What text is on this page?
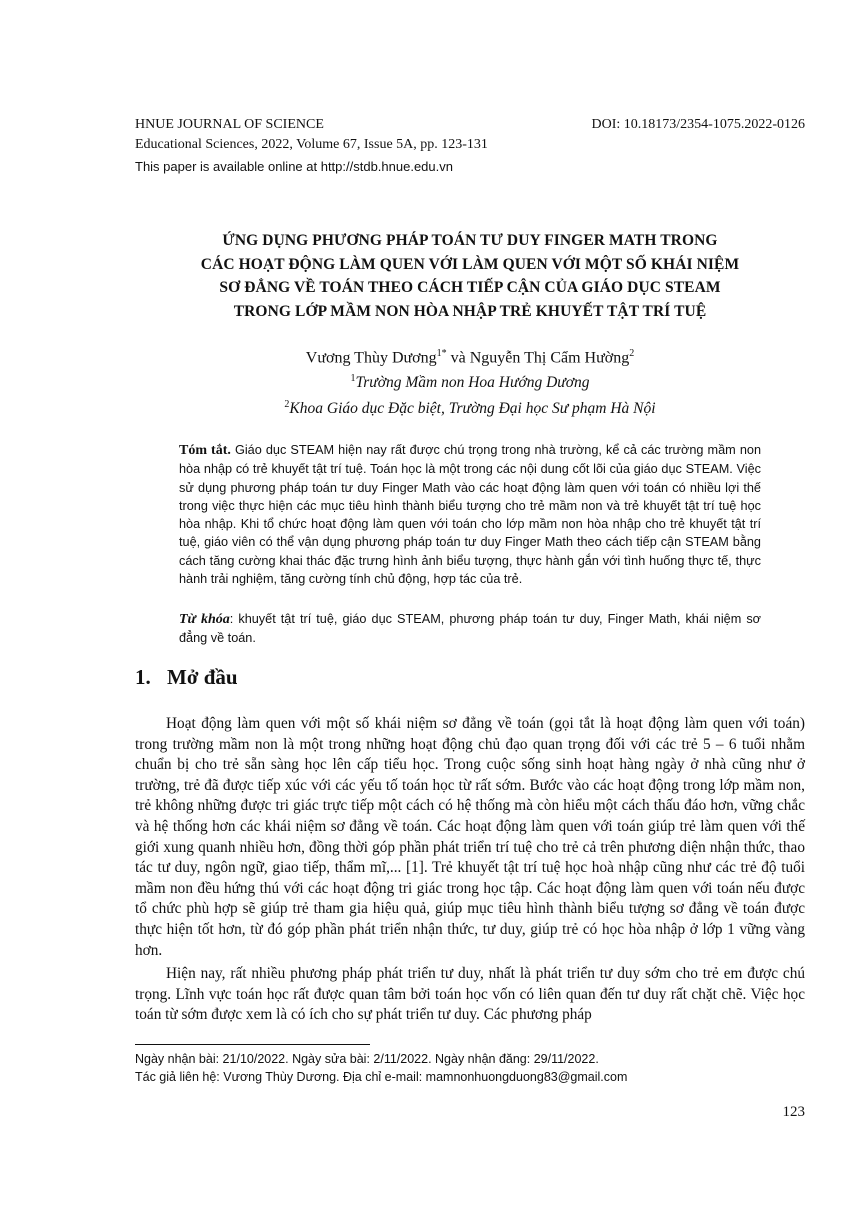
HNUE JOURNAL OF SCIENCE	DOI: 10.18173/2354-1075.2022-0126
Educational Sciences, 2022, Volume 67, Issue 5A, pp. 123-131
This paper is available online at http://stdb.hnue.edu.vn
ỨNG DỤNG PHƯƠNG PHÁP TOÁN TƯ DUY FINGER MATH TRONG
CÁC HOẠT ĐỘNG LÀM QUEN VỚI LÀM QUEN VỚI MỘT SỐ KHÁI NIỆM
SƠ ĐẲNG VỀ TOÁN THEO CÁCH TIẾP CẬN CỦA GIÁO DỤC STEAM
TRONG LỚP MẦM NON HÒA NHẬP TRẺ KHUYẾT TẬT TRÍ TUỆ
Vương Thùy Dương$^{1*}$ và Nguyễn Thị Cẩm Hường$^2$
$^1$Trường Mầm non Hoa Hướng Dương
$^2$Khoa Giáo dục Đặc biệt, Trường Đại học Sư phạm Hà Nội
Tóm tắt. Giáo dục STEAM hiện nay rất được chú trọng trong nhà trường, kể cả các trường mầm non hòa nhập có trẻ khuyết tật trí tuệ. Toán học là một trong các nội dung cốt lõi của giáo dục STEAM. Việc sử dụng phương pháp toán tư duy Finger Math vào các hoạt động làm quen với toán có nhiều lợi thế trong việc thực hiện các mục tiêu hình thành biểu tượng cho trẻ mầm non và trẻ khuyết tật trí tuệ học hòa nhập. Khi tổ chức hoạt động làm quen với toán cho lớp mầm non hòa nhập cho trẻ khuyết tật trí tuệ, giáo viên có thể vận dụng phương pháp toán tư duy Finger Math theo cách tiếp cận STEAM bằng cách tăng cường khai thác đặc trưng hình ảnh biểu tượng, thực hành gắn với tình huống thực tế, thực hành trải nghiệm, tăng cường tính chủ động, hợp tác của trẻ.
Từ khóa: khuyết tật trí tuệ, giáo dục STEAM, phương pháp toán tư duy, Finger Math, khái niệm sơ đẳng về toán.
1. Mở đầu

Hoạt động làm quen với một số khái niệm sơ đẳng về toán (gọi tắt là hoạt động làm quen với toán) trong trường mầm non là một trong những hoạt động chủ đạo quan trọng đối với các trẻ 5 – 6 tuổi nhằm chuẩn bị cho trẻ sẵn sàng học lên cấp tiểu học. Trong cuộc sống sinh hoạt hàng ngày ở nhà cũng như ở trường, trẻ đã được tiếp xúc với các yếu tố toán học từ rất sớm. Bước vào các hoạt động trong lớp mầm non, trẻ không những được tri giác trực tiếp một cách có hệ thống mà còn hiểu một cách thấu đáo hơn, vững chắc và hệ thống hơn các khái niệm sơ đẳng về toán. Các hoạt động làm quen với toán giúp trẻ làm quen với thế giới xung quanh nhiều hơn, đồng thời góp phần phát triển trí tuệ cho trẻ cả trên phương diện nhận thức, thao tác tư duy, ngôn ngữ, giao tiếp, thẩm mĩ,... [1]. Trẻ khuyết tật trí tuệ học hoà nhập cũng như các trẻ độ tuổi mầm non đều hứng thú với các hoạt động tri giác trong học tập. Các hoạt động làm quen với toán nếu được tổ chức phù hợp sẽ giúp trẻ tham gia hiệu quả, giúp mục tiêu hình thành biểu tượng sơ đẳng về toán được thực hiện tốt hơn, từ đó góp phần phát triển nhận thức, tư duy, giúp trẻ có học hòa nhập ở lớp 1 vững vàng hơn.

Hiện nay, rất nhiều phương pháp phát triển tư duy, nhất là phát triển tư duy sớm cho trẻ em được chú trọng. Lĩnh vực toán học rất được quan tâm bởi toán học vốn có liên quan đến tư duy rất chặt chẽ. Việc học toán từ sớm được xem là có ích cho sự phát triển tư duy. Các phương pháp

Ngày nhận bài: 21/10/2022. Ngày sửa bài: 2/11/2022. Ngày nhận đăng: 29/11/2022.
Tác giả liên hệ: Vương Thùy Dương. Địa chỉ e-mail: mamnonhuongduong83@gmail.com
123
